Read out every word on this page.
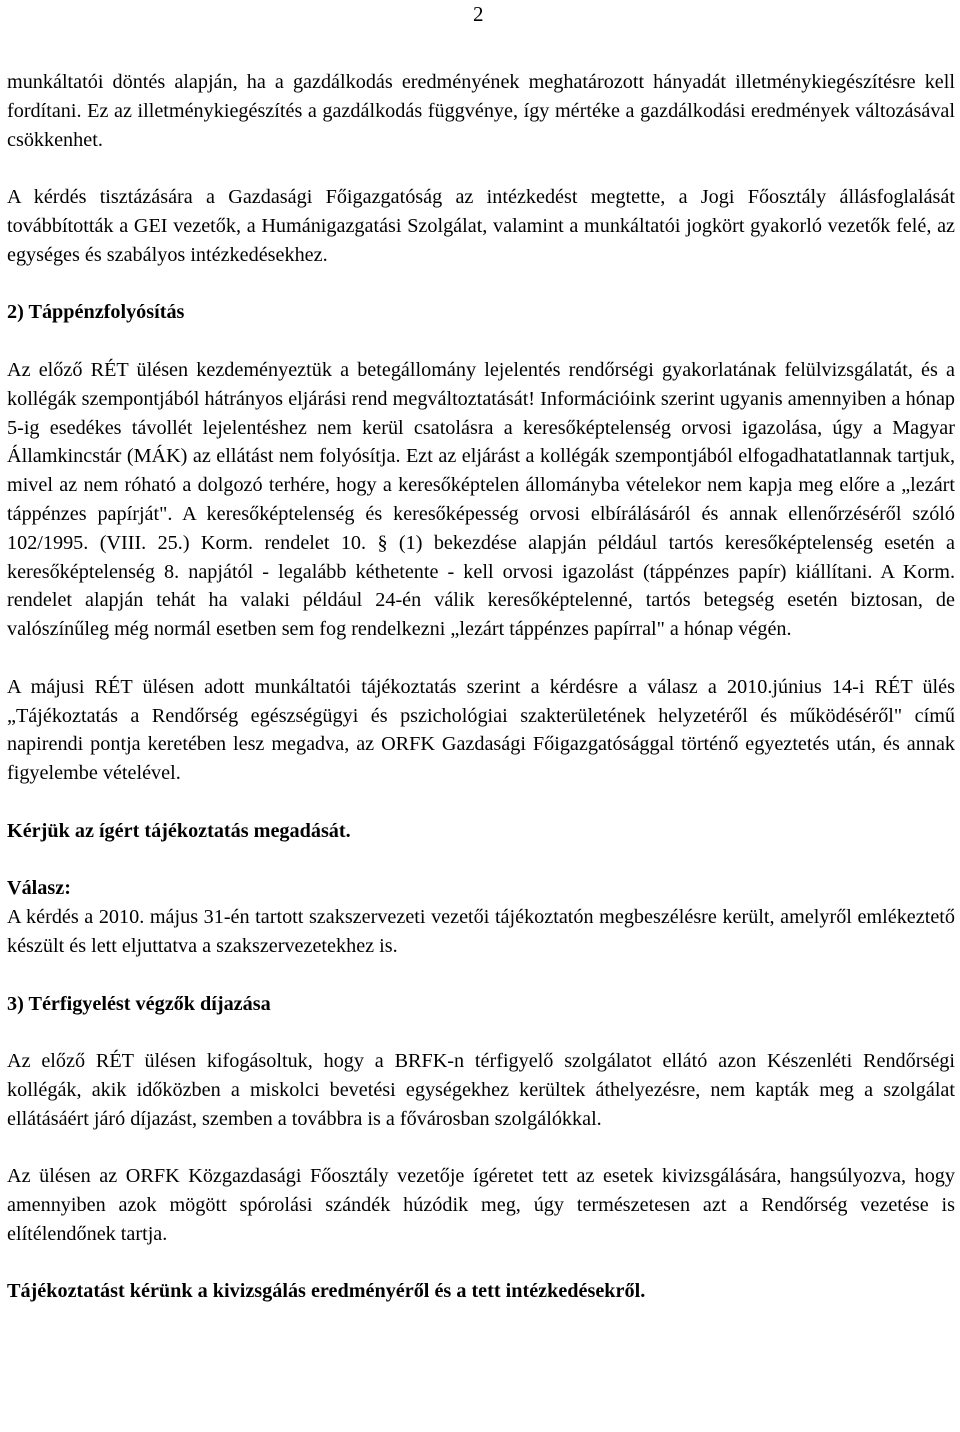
2

munkáltatói döntés alapján, ha a gazdálkodás eredményének meghatározott hányadát illetménykiegészítésre kell fordítani. Ez az illetménykiegészítés a gazdálkodás függvénye, így mértéke a gazdálkodási eredmények változásával csökkenhet.

A kérdés tisztázására a Gazdasági Főigazgatóság az intézkedést megtette, a Jogi Főosztály állásfoglalását továbbították a GEI vezetők, a Humánigazgatási Szolgálat, valamint a munkáltatói jogkört gyakorló vezetők felé, az egységes és szabályos intézkedésekhez.

2) Táppénzfolyósítás

Az előző RÉT ülésen kezdeményeztük a betegállomány lejelentés rendőrségi gyakorlatának felülvizsgálatát, és a kollégák szempontjából hátrányos eljárási rend megváltoztatását! Információink szerint ugyanis amennyiben a hónap 5-ig esedékes távollét lejelentéshez nem kerül csatolásra a keresőképtelenség orvosi igazolása, úgy a Magyar Államkincstár (MÁK) az ellátást nem folyósítja. Ezt az eljárást a kollégák szempontjából elfogadhatatlannak tartjuk, mivel az nem róható a dolgozó terhére, hogy a keresőképtelen állományba vételekor nem kapja meg előre a „lezárt táppénzes papírját". A keresőképtelenség és keresőképesség orvosi elbírálásáról és annak ellenőrzéséről szóló 102/1995. (VIII. 25.) Korm. rendelet 10. § (1) bekezdése alapján például tartós keresőképtelenség esetén a keresőképtelenség 8. napjától - legalább kéthetente - kell orvosi igazolást (táppénzes papír) kiállítani. A Korm. rendelet alapján tehát ha valaki például 24-én válik keresőképtelenné, tartós betegség esetén biztosan, de valószínűleg még normál esetben sem fog rendelkezni „lezárt táppénzes papírral" a hónap végén.

A májusi RÉT ülésen adott munkáltatói tájékoztatás szerint a kérdésre a válasz a 2010.június 14-i RÉT ülés „Tájékoztatás a Rendőrség egészségügyi és pszichológiai szakterületének helyzetéről és működéséről" című napirendi pontja keretében lesz megadva, az ORFK Gazdasági Főigazgatósággal történő egyeztetés után, és annak figyelembe vételével.

Kérjük az ígért tájékoztatás megadását.

Válasz:

A kérdés a 2010. május 31-én tartott szakszervezeti vezetői tájékoztatón megbeszélésre került, amelyről emlékeztető készült és lett eljuttatva a szakszervezetekhez is.

3) Térfigyelést végzők díjazása

Az előző RÉT ülésen kifogásoltuk, hogy a BRFK-n térfigyelő szolgálatot ellátó azon Készenléti Rendőrségi kollégák, akik időközben a miskolci bevetési egységekhez kerültek áthelyezésre, nem kapták meg a szolgálat ellátásáért járó díjazást, szemben a továbbra is a fővárosban szolgálókkal.

Az ülésen az ORFK Közgazdasági Főosztály vezetője ígéretet tett az esetek kivizsgálására, hangsúlyozva, hogy amennyiben azok mögött spórolási szándék húzódik meg, úgy természetesen azt a Rendőrség vezetése is elítélendőnek tartja.

Tájékoztatást kérünk a kivizsgálás eredményéről és a tett intézkedésekről.
